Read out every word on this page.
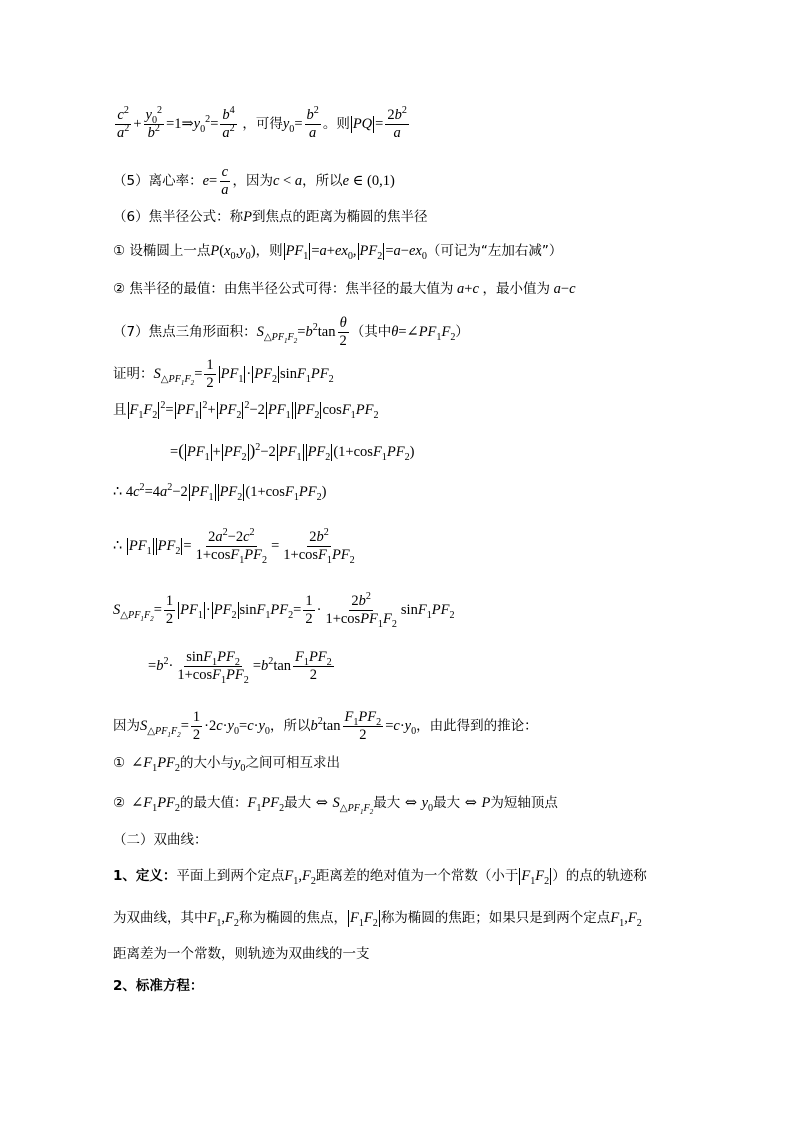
$\frac{c^2}{a^2} + \frac{y_0^2}{b^2}$ $=1\Rightarrow y_0^2= \frac{b^4}{a^2}$ ，可得$y_0= \frac{b^2}{a}$ 。则 PQ = $\frac{2b^2}{a}$
（5）离心率：$e= \frac{c}{a}$ ，因为c < a，所以e ∈ (0,1)
（6）焦半径公式：称P到焦点的距离为椭圆的焦半径
① 设椭圆上一点$P(x_0,y_0)$，则 $PF_1 =a+ex_0$, $PF_2 =a-ex_0$（可记为“左加右减”）
② 焦半径的最值：由焦半径公式可得：焦半径的最大值为 a+c ，最小值为 a−c
（7）焦点三角形面积：$S_{\triangle PF_1F_2}=b^2\tan \frac{\theta}{2}$ （其中$\theta=\angle PF_1F_2$）
证明：$S_{\triangle PF_1F_2}= \frac{1}{2} PF_1 \cdot PF_2$ $\sin F_1PF_2$
且 $F_1F_2^2= PF_1^2+ PF_2^2-2$ $PF_1$ $PF_2$ $\cos F_1PF_2$
=( $PF_1 + PF_2$ )$^2$−2 $PF_1$ $PF_2$ $(1+\cos F_1PF_2)$
∴ $4c^2=4a^2-2$ $PF_1$ $PF_2$ $(1+\cos F_1PF_2)$
∴ $PF_1$ $PF_2 = \frac{2a^2-2c^2}{1+\cos F_1PF_2} = \frac{2b^2}{1+\cos F_1PF_2}$
$S_{\triangle PF_1F_2}= \frac{1}{2} PF_1 \cdot PF_2$ $\sin F_1PF_2= \frac{1}{2} \cdot \frac{2b^2}{1+cosPF_1F_2} \sin F_1PF_2$
$=b^2\cdot \frac{\sin F_1PF_2}{1+\cos F_1PF_2} =b^2\tan \frac{F_1PF_2}{2}$
因为$S_{\triangle PF_1F_2}= \frac{1}{2} \cdot 2c\cdot y_0=c\cdot y_0$，所以$b^2\tan \frac{F_1PF_2}{2} =c\cdot y_0$，由此得到的推论：
① $\angle F_1PF_2$的大小与$y_0$之间可相互求出
② $\angle F_1PF_2$的最大值：$F_1PF_2$最大 ⇔ $S_{\triangle PF_1F_2}$最大 ⇔ $y_0$最大 ⇔ P为短轴顶点
（二）双曲线：
1、定义：平面上到两个定点$F_1,F_2$距离差的绝对值为一个常数（小于 $F_1F_2$ ）的点的轨迹称
为双曲线，其中$F_1,F_2$称为椭圆的焦点， $F_1F_2$ 称为椭圆的焦距；如果只是到两个定点$F_1,F_2$
距离差为一个常数，则轨迹为双曲线的一支
2、标准方程：
